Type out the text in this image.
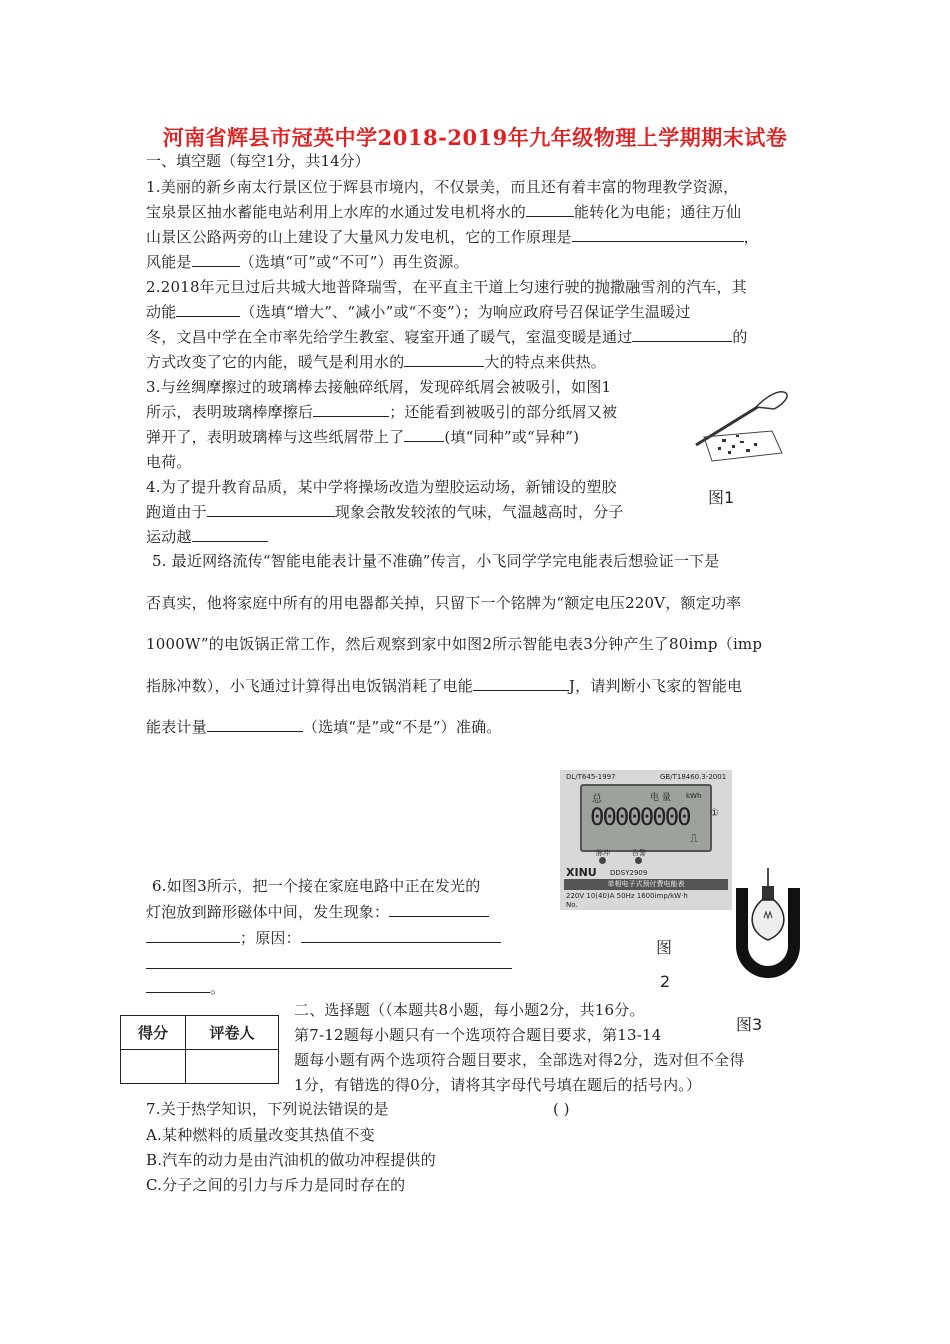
河南省辉县市冠英中学2018-2019年九年级物理上学期期末试卷
一、填空题（每空1分，共14分）
1.美丽的新乡南太行景区位于辉县市境内，不仅景美，而且还有着丰富的物理教学资源，
宝泉景区抽水蓄能电站利用上水库的水通过发电机将水的	能转化为电能；通往万仙
山景区公路两旁的山上建设了大量风力发电机，它的工作原理是	，
风能是	（选填“可”或“不可”）再生资源。
2.2018年元旦过后共城大地普降瑞雪，在平直主干道上匀速行驶的抛撒融雪剂的汽车，其
动能	（选填“增大”、“减小”或“不变”）；为响应政府号召保证学生温暖过
冬，文昌中学在全市率先给学生教室、寝室开通了暖气，室温变暖是通过	的
方式改变了它的内能，暖气是利用水的	大的特点来供热。
3.与丝绸摩擦过的玻璃棒去接触碎纸屑，发现碎纸屑会被吸引，如图1
所示，表明玻璃棒摩擦后	；还能看到被吸引的部分纸屑又被
弹开了，表明玻璃棒与这些纸屑带上了	(填“同种”或“异种”)
电荷。
图1
4.为了提升教育品质，某中学将操场改造为塑胶运动场，新铺设的塑胶
跑道由于	现象会散发较浓的气味，气温越高时，分子
运动越
5. 最近网络流传“智能电能表计量不准确”传言，小飞同学学完电能表后想验证一下是
否真实，他将家庭中所有的用电器都关掉，只留下一个铭牌为“额定电压220V，额定功率
1000W”的电饭锅正常工作，然后观察到家中如图2所示智能电表3分钟产生了80imp（imp
指脉冲数），小飞通过计算得出电饭锅消耗了电能	J，请判断小飞家的智能电
能表计量	（选填“是”或“不是”）准确。
DL/T645-1997	GB/T18460.3-2001
总	电 量 kWh
00000000
⎍
①
脉冲	告警
XINU DDSY2909
单相电子式预付费电能表
220V 10(40)A 50Hz 1600imp/kW·h
No.
6.如图3所示，把一个接在家庭电路中正在发光的
灯泡放到蹄形磁体中间，发生现象：
；原因：
。
图
2
图3
得分	评卷人

二、选择题（（本题共8小题，每小题2分，共16分。
第7-12题每小题只有一个选项符合题目要求，第13-14
题每小题有两个选项符合题目要求，全部选对得2分，选对但不全得
1分，有错选的得0分，请将其字母代号填在题后的括号内。）
7.关于热学知识，下列说法错误的是	( )
A.某种燃料的质量改变其热值不变
B.汽车的动力是由汽油机的做功冲程提供的
C.分子之间的引力与斥力是同时存在的
